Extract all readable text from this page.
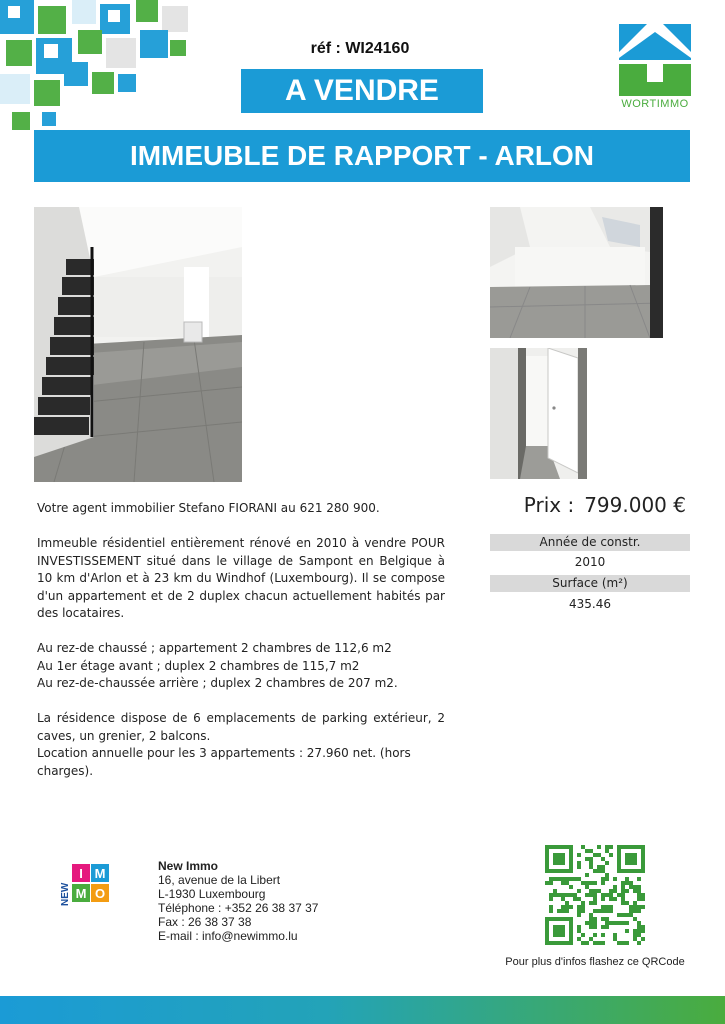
réf : WI24160
A VENDRE	WORTIMMO
IMMEUBLE DE RAPPORT - ARLON

Votre agent immobilier Stefano FIORANI au 621 280 900.

Immeuble résidentiel entièrement rénové en 2010 à vendre POUR INVESTISSEMENT situé dans le village de Sampont en Belgique à 10 km d'Arlon et à 23 km du Windhof (Luxembourg). Il se compose d'un appartement et de 2 duplex chacun actuellement habités par des locataires.

Au rez-de chaussé ; appartement 2 chambres de 112,6 m2

Au 1er étage avant ; duplex 2 chambres de 115,7 m2

Au rez-de-chaussée arrière ; duplex 2 chambres de 207 m2.

La résidence dispose de 6 emplacements de parking extérieur, 2 caves, un grenier, 2 balcons.

Location annuelle pour les 3 appartements : 27.960 net. (hors charges).

Prix : 799.000 €
Année de constr.
2010
Surface (m²)
435.46
NEW
I M
M O
New Immo
16, avenue de la Libert
L-1930 Luxembourg
Téléphone : +352 26 38 37 37
Fax : 26 38 37 38
E-mail : info@newimmo.lu
Pour plus d'infos flashez ce QRCode
